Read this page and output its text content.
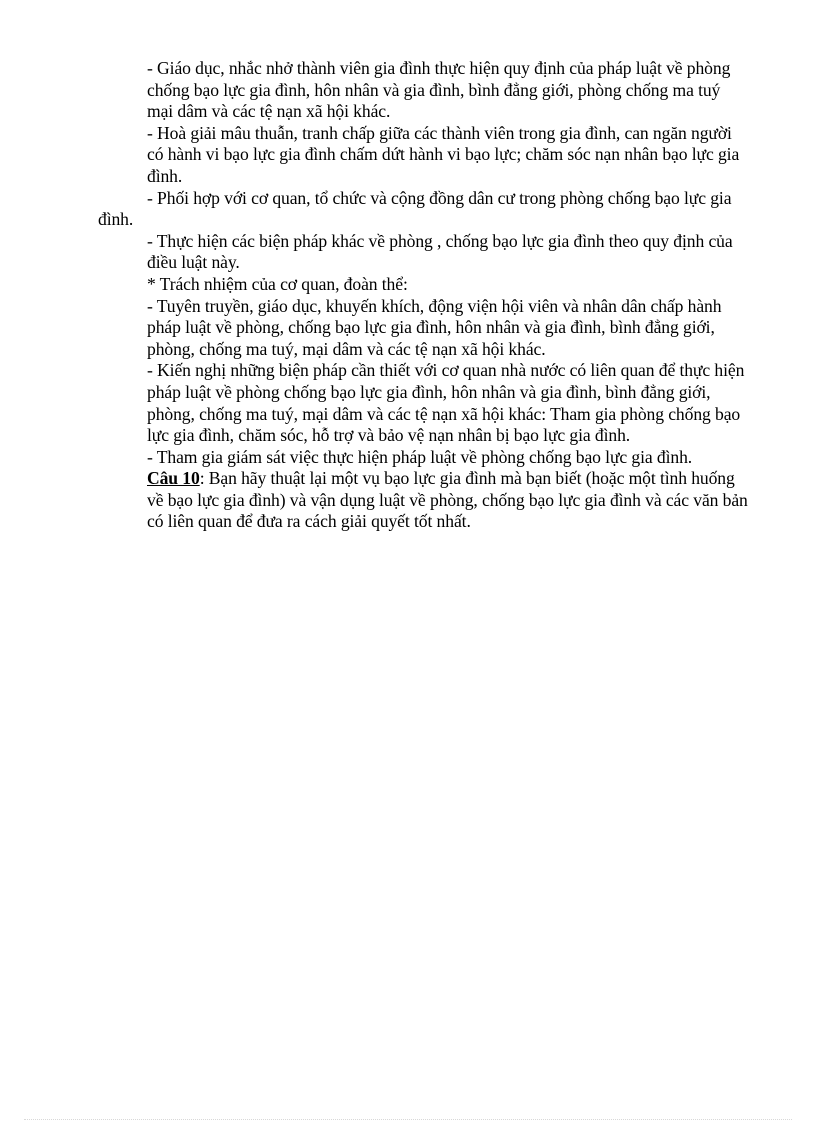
- Giáo dục, nhắc nhở thành viên gia đình thực hiện quy định của pháp luật về phòng chống bạo lực gia đình, hôn nhân và gia đình, bình đẳng giới, phòng chống ma tuý mại dâm và các tệ nạn xã hội khác.

- Hoà giải mâu thuẫn, tranh chấp giữa các thành viên trong gia đình, can ngăn người có hành vi bạo lực gia đình chấm dứt hành vi bạo lực; chăm sóc nạn nhân bạo lực gia đình.

- Phối hợp với cơ quan, tổ chức và cộng đồng dân cư trong phòng chống bạo lực gia đình.

- Thực hiện các biện pháp khác về phòng , chống bạo lực gia đình theo quy định của điều luật này.

* Trách nhiệm của cơ quan, đoàn thể:

- Tuyên truyền, giáo dục, khuyến khích, động viện hội viên và nhân dân chấp hành pháp luật về phòng, chống bạo lực gia đình, hôn nhân và gia đình, bình đẳng giới, phòng, chống ma tuý, mại dâm và các tệ nạn xã hội khác.

- Kiến nghị những biện pháp cần thiết với cơ quan nhà nước có liên quan để thực hiện pháp luật về phòng chống bạo lực gia đình, hôn nhân và gia đình, bình đẳng giới, phòng, chống ma tuý, mại dâm và các tệ nạn xã hội khác: Tham gia phòng chống bạo lực gia đình, chăm sóc, hỗ trợ và bảo vệ nạn nhân bị bạo lực gia đình.

- Tham gia giám sát việc thực hiện pháp luật về phòng chống bạo lực gia đình.

Câu 10: Bạn hãy thuật lại một vụ bạo lực gia đình mà bạn biết (hoặc một tình huống về bạo lực gia đình) và vận dụng luật về phòng, chống bạo lực gia đình và các văn bản có liên quan để đưa ra cách giải quyết tốt nhất.
